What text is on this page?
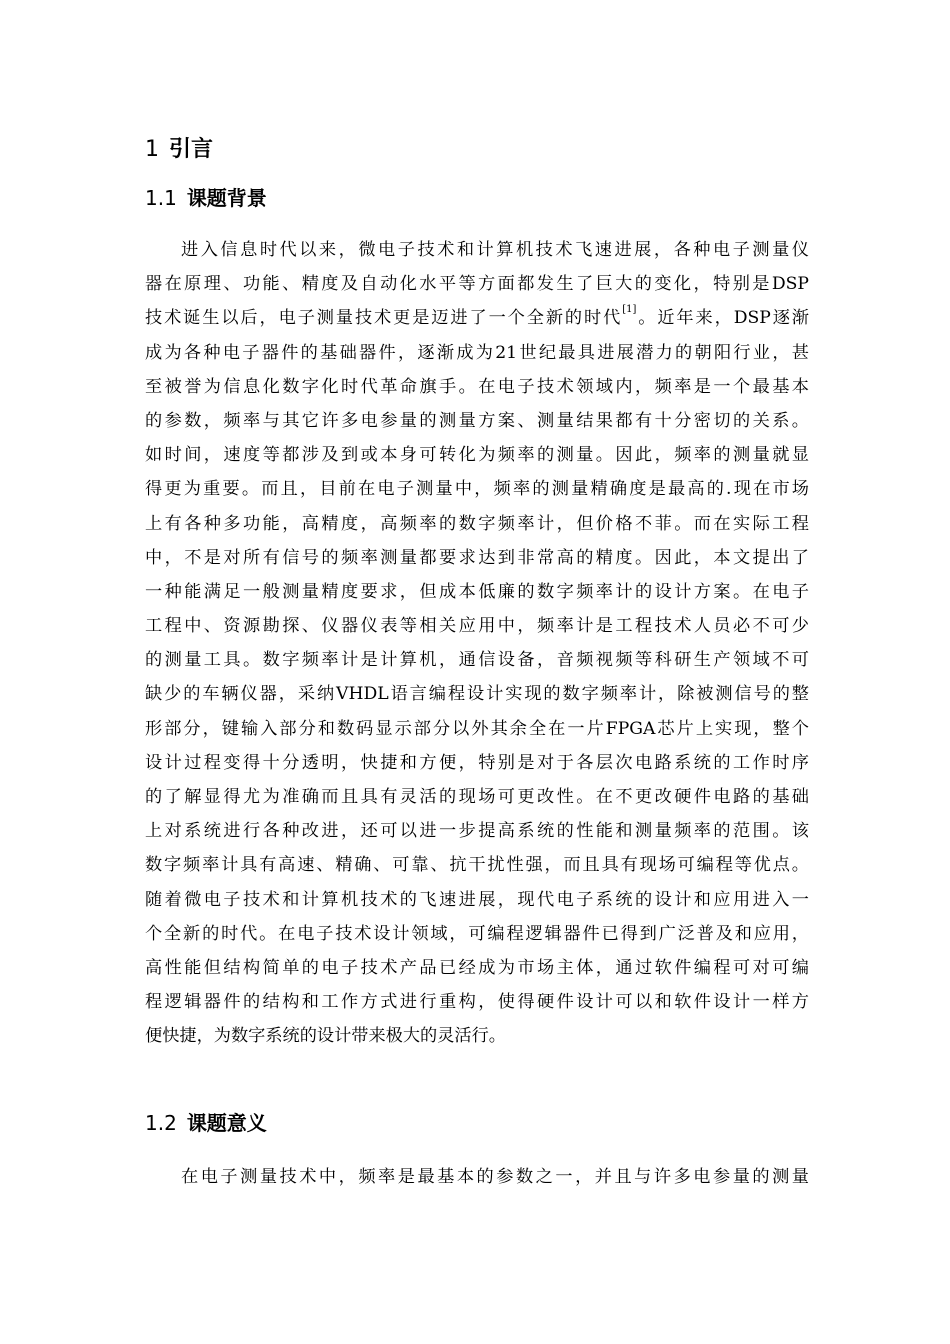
1 引言
1.1 课题背景
进入信息时代以来，微电子技术和计算机技术飞速进展，各种电子测量仪
器在原理、功能、精度及自动化水平等方面都发生了巨大的变化，特别是DSP
技术诞生以后，电子测量技术更是迈进了一个全新的时代[1]。近年来，DSP逐渐
成为各种电子器件的基础器件，逐渐成为21世纪最具进展潜力的朝阳行业，甚
至被誉为信息化数字化时代革命旗手。在电子技术领域内，频率是一个最基本
的参数，频率与其它许多电参量的测量方案、测量结果都有十分密切的关系。
如时间，速度等都涉及到或本身可转化为频率的测量。因此，频率的测量就显
得更为重要。而且，目前在电子测量中，频率的测量精确度是最高的.现在市场
上有各种多功能，高精度，高频率的数字频率计，但价格不菲。而在实际工程
中，不是对所有信号的频率测量都要求达到非常高的精度。因此，本文提出了
一种能满足一般测量精度要求，但成本低廉的数字频率计的设计方案。在电子
工程中、资源勘探、仪器仪表等相关应用中，频率计是工程技术人员必不可少
的测量工具。数字频率计是计算机，通信设备，音频视频等科研生产领域不可
缺少的车辆仪器，采纳VHDL语言编程设计实现的数字频率计，除被测信号的整
形部分，键输入部分和数码显示部分以外其余全在一片FPGA芯片上实现，整个
设计过程变得十分透明，快捷和方便，特别是对于各层次电路系统的工作时序
的了解显得尤为准确而且具有灵活的现场可更改性。在不更改硬件电路的基础
上对系统进行各种改进，还可以进一步提高系统的性能和测量频率的范围。该
数字频率计具有高速、精确、可靠、抗干扰性强，而且具有现场可编程等优点。
随着微电子技术和计算机技术的飞速进展，现代电子系统的设计和应用进入一
个全新的时代。在电子技术设计领域，可编程逻辑器件已得到广泛普及和应用，
高性能但结构简单的电子技术产品已经成为市场主体，通过软件编程可对可编
程逻辑器件的结构和工作方式进行重构，使得硬件设计可以和软件设计一样方
便快捷，为数字系统的设计带来极大的灵活行。
1.2 课题意义
在电子测量技术中，频率是最基本的参数之一，并且与许多电参量的测量
